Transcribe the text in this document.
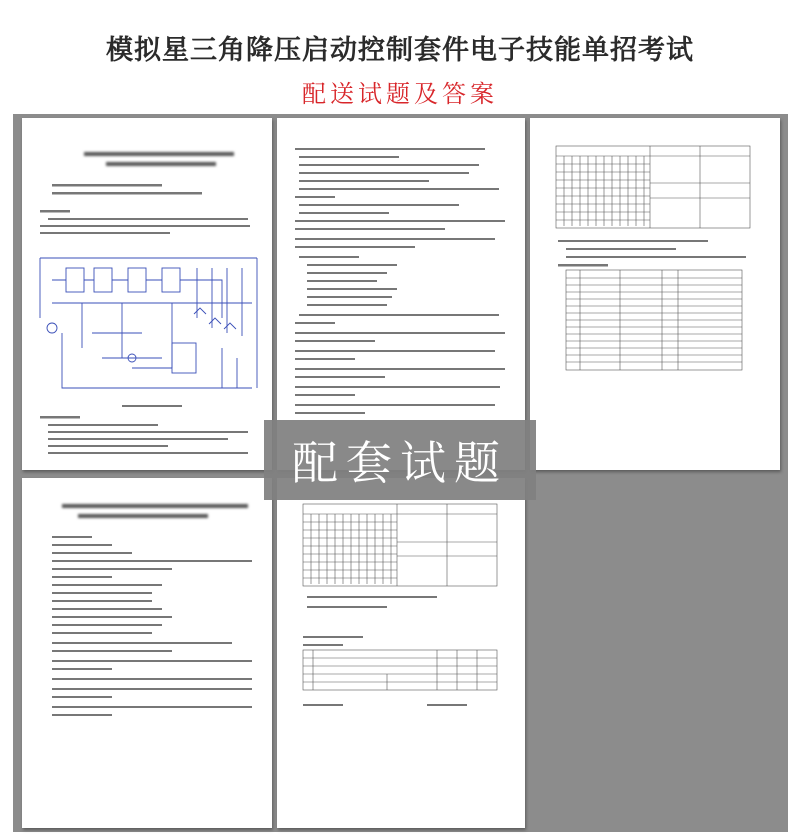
模拟星三角降压启动控制套件电子技能单招考试
配送试题及答案
配套试题
